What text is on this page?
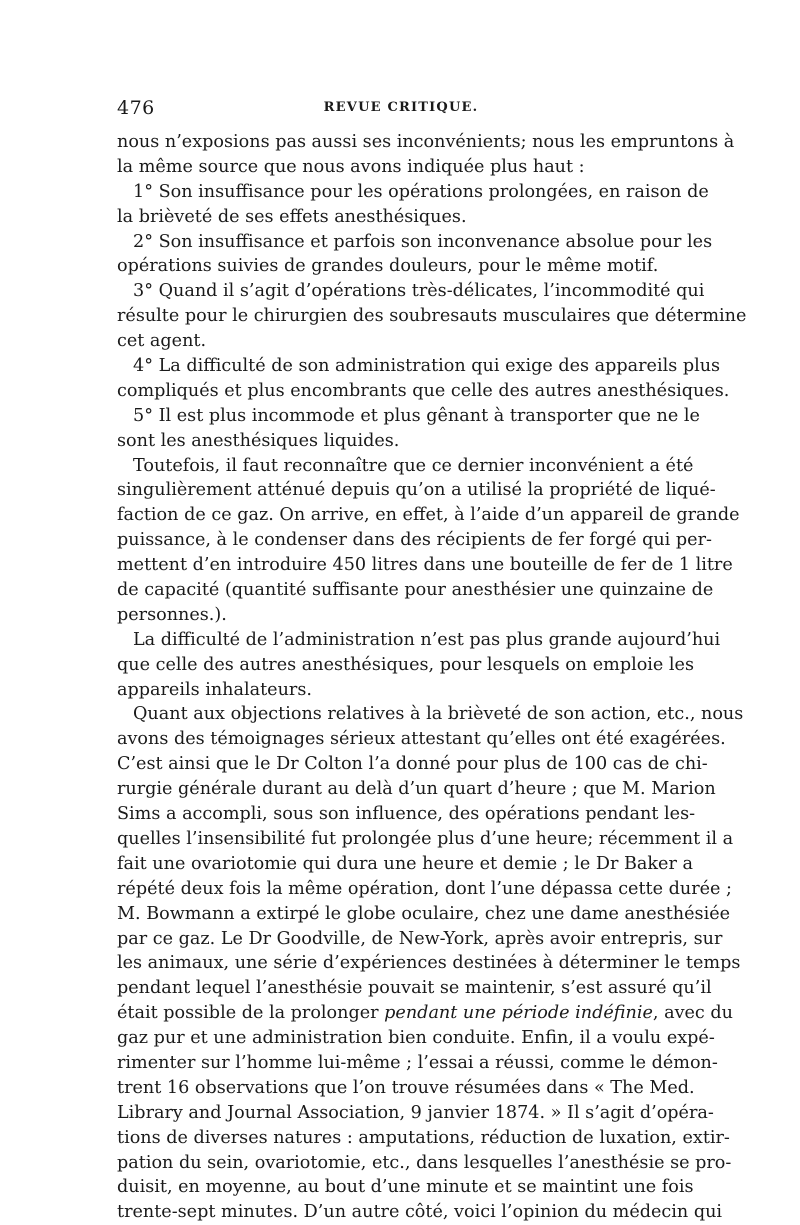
476	REVUE CRITIQUE.
nous n’exposions pas aussi ses inconvénients; nous les empruntons à
la même source que nous avons indiquée plus haut :
1° Son insuffisance pour les opérations prolongées, en raison de
la brièveté de ses effets anesthésiques.
2° Son insuffisance et parfois son inconvenance absolue pour les
opérations suivies de grandes douleurs, pour le même motif.
3° Quand il s’agit d’opérations très-délicates, l’incommodité qui
résulte pour le chirurgien des soubresauts musculaires que détermine
cet agent.
4° La difficulté de son administration qui exige des appareils plus
compliqués et plus encombrants que celle des autres anesthésiques.
5° Il est plus incommode et plus gênant à transporter que ne le
sont les anesthésiques liquides.
Toutefois, il faut reconnaître que ce dernier inconvénient a été
singulièrement atténué depuis qu’on a utilisé la propriété de liqué-
faction de ce gaz. On arrive, en effet, à l’aide d’un appareil de grande
puissance, à le condenser dans des récipients de fer forgé qui per-
mettent d’en introduire 450 litres dans une bouteille de fer de 1 litre
de capacité (quantité suffisante pour anesthésier une quinzaine de
personnes.).
La difficulté de l’administration n’est pas plus grande aujourd’hui
que celle des autres anesthésiques, pour lesquels on emploie les
appareils inhalateurs.
Quant aux objections relatives à la brièveté de son action, etc., nous
avons des témoignages sérieux attestant qu’elles ont été exagérées.
C’est ainsi que le Dr Colton l’a donné pour plus de 100 cas de chi-
rurgie générale durant au delà d’un quart d’heure ; que M. Marion
Sims a accompli, sous son influence, des opérations pendant les-
quelles l’insensibilité fut prolongée plus d’une heure; récemment il a
fait une ovariotomie qui dura une heure et demie ; le Dr Baker a
répété deux fois la même opération, dont l’une dépassa cette durée ;
M. Bowmann a extirpé le globe oculaire, chez une dame anesthésiée
par ce gaz. Le Dr Goodville, de New-York, après avoir entrepris, sur
les animaux, une série d’expériences destinées à déterminer le temps
pendant lequel l’anesthésie pouvait se maintenir, s’est assuré qu’il
était possible de la prolonger pendant une période indéfinie, avec du
gaz pur et une administration bien conduite. Enfin, il a voulu expé-
rimenter sur l’homme lui-même ; l’essai a réussi, comme le démon-
trent 16 observations que l’on trouve résumées dans « The Med.
Library and Journal Association, 9 janvier 1874. » Il s’agit d’opéra-
tions de diverses natures : amputations, réduction de luxation, extir-
pation du sein, ovariotomie, etc., dans lesquelles l’anesthésie se pro-
duisit, en moyenne, au bout d’une minute et se maintint une fois
trente-sept minutes. D’un autre côté, voici l’opinion du médecin qui
